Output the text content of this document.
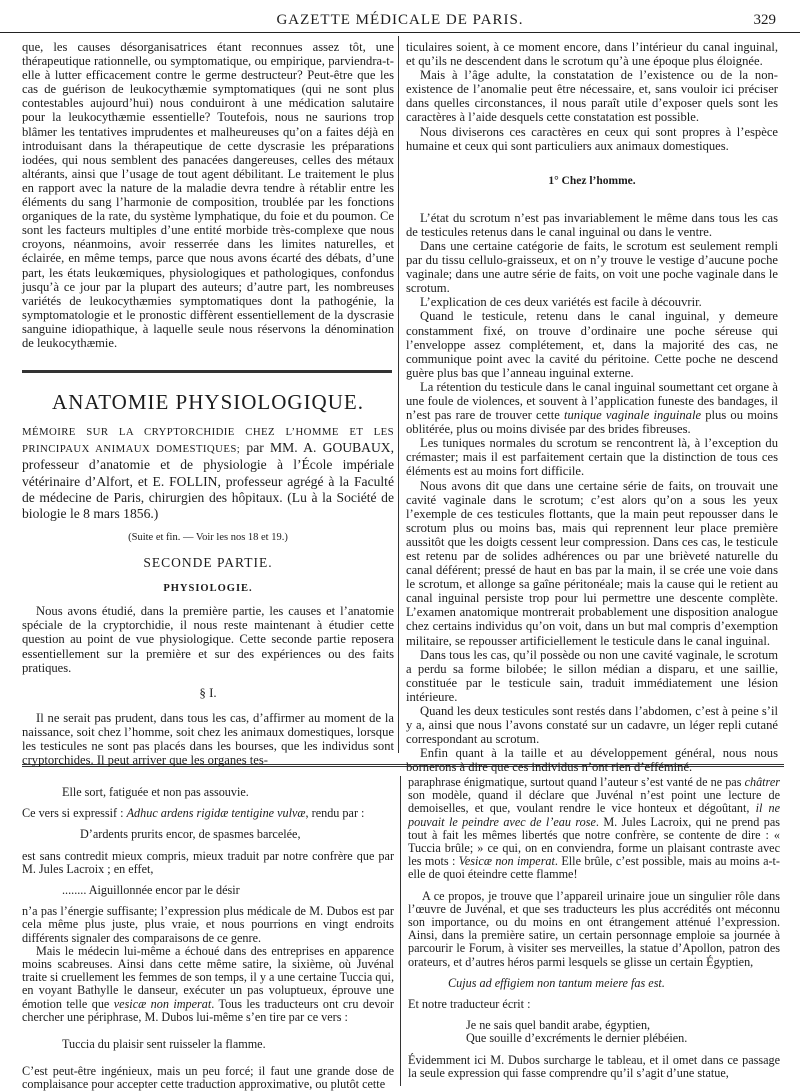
GAZETTE MÉDICALE DE PARIS.	329

que, les causes désorganisatrices étant reconnues assez tôt, une thérapeutique rationnelle, ou symptomatique, ou empirique, parviendra-t-elle à lutter efficacement contre le germe destructeur? Peut-être que les cas de guérison de leukocythæmie symptomatiques (qui ne sont plus contestables aujourd’hui) nous conduiront à une médication salutaire pour la leukocythæmie essentielle? Toutefois, nous ne saurions trop blâmer les tentatives imprudentes et malheureuses qu’on a faites déjà en introduisant dans la thérapeutique de cette dyscrasie les préparations iodées, qui nous semblent des panacées dangereuses, celles des métaux altérants, ainsi que l’usage de tout agent débilitant. Le traitement le plus en rapport avec la nature de la maladie devra tendre à rétablir entre les éléments du sang l’harmonie de composition, troublée par les fonctions organiques de la rate, du système lymphatique, du foie et du poumon. Ce sont les facteurs multiples d’une entité morbide très-complexe que nous croyons, néanmoins, avoir resserrée dans les limites naturelles, et éclairée, en même temps, parce que nous avons écarté des débats, d’une part, les états leukœmiques, physiologiques et pathologiques, confondus jusqu’à ce jour par la plupart des auteurs; d’autre part, les nombreuses variétés de leukocythæmies symptomatiques dont la pathogénie, la symptomatologie et le pronostic diffèrent essentiellement de la dyscrasie sanguine idiopathique, à laquelle seule nous réservons la dénomination de leukocythæmie.

ANATOMIE PHYSIOLOGIQUE.

MÉMOIRE SUR LA CRYPTORCHIDIE CHEZ L’HOMME ET LES PRINCIPAUX ANIMAUX DOMESTIQUES; par MM. A. GOUBAUX, professeur d’anatomie et de physiologie à l’École impériale vétérinaire d’Alfort, et E. FOLLIN, professeur agrégé à la Faculté de médecine de Paris, chirurgien des hôpitaux. (Lu à la Société de biologie le 8 mars 1856.)

(Suite et fin. — Voir les nos 18 et 19.)
SECONDE PARTIE.
PHYSIOLOGIE.

Nous avons étudié, dans la première partie, les causes et l’anatomie spéciale de la cryptorchidie, il nous reste maintenant à étudier cette question au point de vue physiologique. Cette seconde partie reposera essentiellement sur la première et sur des expériences ou des faits pratiques.

§ I.

Il ne serait pas prudent, dans tous les cas, d’affirmer au moment de la naissance, soit chez l’homme, soit chez les animaux domestiques, lorsque les testicules ne sont pas placés dans les bourses, que les individus sont cryptorchides. Il peut arriver que les organes tes-

ticulaires soient, à ce moment encore, dans l’intérieur du canal inguinal, et qu’ils ne descendent dans le scrotum qu’à une époque plus éloignée.

Mais à l’âge adulte, la constatation de l’existence ou de la non-existence de l’anomalie peut être nécessaire, et, sans vouloir ici préciser dans quelles circonstances, il nous paraît utile d’exposer quels sont les caractères à l’aide desquels cette constatation est possible.

Nous diviserons ces caractères en ceux qui sont propres à l’espèce humaine et ceux qui sont particuliers aux animaux domestiques.

1° Chez l’homme.

L’état du scrotum n’est pas invariablement le même dans tous les cas de testicules retenus dans le canal inguinal ou dans le ventre.

Dans une certaine catégorie de faits, le scrotum est seulement rempli par du tissu cellulo-graisseux, et on n’y trouve le vestige d’aucune poche vaginale; dans une autre série de faits, on voit une poche vaginale dans le scrotum.

L’explication de ces deux variétés est facile à découvrir.

Quand le testicule, retenu dans le canal inguinal, y demeure constamment fixé, on trouve d’ordinaire une poche séreuse qui l’enveloppe assez complétement, et, dans la majorité des cas, ne communique point avec la cavité du péritoine. Cette poche ne descend guère plus bas que l’anneau inguinal externe.

La rétention du testicule dans le canal inguinal soumettant cet organe à une foule de violences, et souvent à l’application funeste des bandages, il n’est pas rare de trouver cette tunique vaginale inguinale plus ou moins oblitérée, plus ou moins divisée par des brides fibreuses.

Les tuniques normales du scrotum se rencontrent là, à l’exception du crémaster; mais il est parfaitement certain que la distinction de tous ces éléments est au moins fort difficile.

Nous avons dit que dans une certaine série de faits, on trouvait une cavité vaginale dans le scrotum; c’est alors qu’on a sous les yeux l’exemple de ces testicules flottants, que la main peut repousser dans le scrotum plus ou moins bas, mais qui reprennent leur place première aussitôt que les doigts cessent leur compression. Dans ces cas, le testicule est retenu par de solides adhérences ou par une brièveté naturelle du canal déférent; pressé de haut en bas par la main, il se crée une voie dans le scrotum, et allonge sa gaîne péritonéale; mais la cause qui le retient au canal inguinal persiste trop pour lui permettre une descente complète. L’examen anatomique montrerait probablement une disposition analogue chez certains individus qu’on voit, dans un but mal compris d’exemption militaire, se repousser artificiellement le testicule dans le canal inguinal.

Dans tous les cas, qu’il possède ou non une cavité vaginale, le scrotum a perdu sa forme bilobée; le sillon médian a disparu, et une saillie, constituée par le testicule sain, traduit immédiatement une lésion intérieure.

Quand les deux testicules sont restés dans l’abdomen, c’est à peine s’il y a, ainsi que nous l’avons constaté sur un cadavre, un léger repli cutané correspondant au scrotum.

Enfin quant à la taille et au développement général, nous nous bornerons à dire que ces individus n’ont rien d’efféminé.

Elle sort, fatiguée et non pas assouvie.

Ce vers si expressif : Adhuc ardens rigidæ tentigine vulvæ, rendu par :

D’ardents prurits encor, de spasmes barcelée,

est sans contredit mieux compris, mieux traduit par notre confrère que par M. Jules Lacroix ; en effet,

........ Aiguillonnée encor par le désir

n’a pas l’énergie suffisante; l’expression plus médicale de M. Dubos est par cela même plus juste, plus vraie, et nous pourrions en vingt endroits différents signaler des comparaisons de ce genre.

Mais le médecin lui-même a échoué dans des entreprises en apparence moins scabreuses. Ainsi dans cette même satire, la sixième, où Juvénal traite si cruellement les femmes de son temps, il y a une certaine Tuccia qui, en voyant Bathylle le danseur, exécuter un pas voluptueux, éprouve une émotion telle que vesicæ non imperat. Tous les traducteurs ont cru devoir chercher une périphrase, M. Dubos lui-même s’en tire par ce vers :

Tuccia du plaisir sent ruisseler la flamme.

C’est peut-être ingénieux, mais un peu forcé; il faut une grande dose de complaisance pour accepter cette traduction approximative, ou plutôt cette

paraphrase énigmatique, surtout quand l’auteur s’est vanté de ne pas châtrer son modèle, quand il déclare que Juvénal n’est point une lecture de demoiselles, et que, voulant rendre le vice honteux et dégoûtant, il ne pouvait le peindre avec de l’eau rose. M. Jules Lacroix, qui ne prend pas tout à fait les mêmes libertés que notre confrère, se contente de dire : « Tuccia brûle; » ce qui, on en conviendra, forme un plaisant contraste avec les mots : Vesicæ non imperat. Elle brûle, c’est possible, mais au moins a-t-elle de quoi éteindre cette flamme!

A ce propos, je trouve que l’appareil urinaire joue un singulier rôle dans l’œuvre de Juvénal, et que ses traducteurs les plus accrédités ont méconnu son importance, ou du moins en ont étrangement atténué l’expression. Ainsi, dans la première satire, un certain personnage emploie sa journée à parcourir le Forum, à visiter ses merveilles, la statue d’Apollon, patron des orateurs, et d’autres héros parmi lesquels se glisse un certain Égyptien,

Cujus ad effigiem non tantum meiere fas est.

Et notre traducteur écrit :

Je ne sais quel bandit arabe, égyptien,

Que souille d’excréments le dernier plébéien.

Évidemment ici M. Dubos surcharge le tableau, et il omet dans ce passage la seule expression qui fasse comprendre qu’il s’agit d’une statue,
